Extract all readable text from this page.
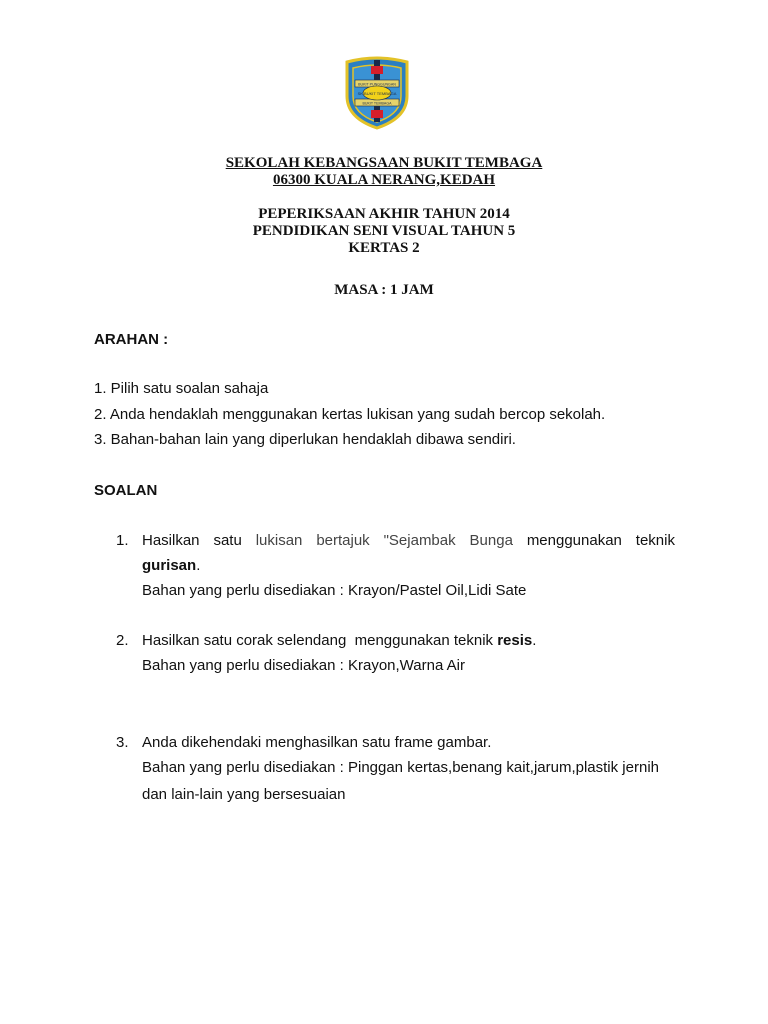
BUKIT PUNGGUNGAN
SK BUKIT TEMBAGA
BUKIT TEMBAGA
SEKOLAH KEBANGSAAN BUKIT TEMBAGA
06300 KUALA NERANG,KEDAH
PEPERIKSAAN AKHIR TAHUN 2014
PENDIDIKAN SENI VISUAL TAHUN 5
KERTAS 2
MASA : 1 JAM
ARAHAN :
1. Pilih satu soalan sahaja
2. Anda hendaklah menggunakan kertas lukisan yang sudah bercop sekolah.
3. Bahan-bahan lain yang diperlukan hendaklah dibawa sendiri.
SOALAN
1. Hasilkan satu lukisan bertajuk "Sejambak Bunga menggunakan teknik
gurisan.
Bahan yang perlu disediakan : Krayon/Pastel Oil,Lidi Sate
2. Hasilkan satu corak selendang  menggunakan teknik resis.
Bahan yang perlu disediakan : Krayon,Warna Air
3. Anda dikehendaki menghasilkan satu frame gambar.
Bahan yang perlu disediakan : Pinggan kertas,benang kait,jarum,plastik jernih
dan lain-lain yang bersesuaian
